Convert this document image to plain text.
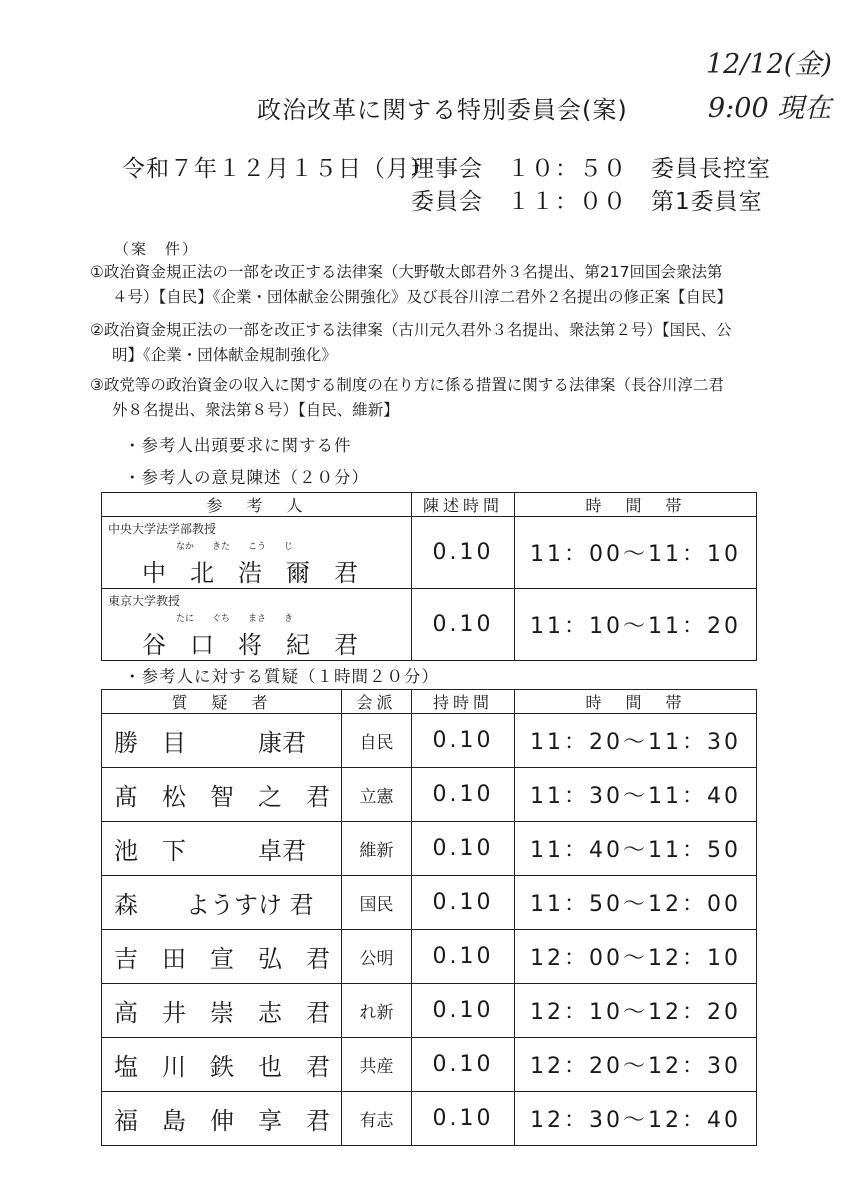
12/12(金)
9:00 現在
政治改革に関する特別委員会(案)
令和７年１２月１５日（月）
理事会　１０：５０　委員長控室
委員会　１１：００　第1委員室
（案　件）
①政治資金規正法の一部を改正する法律案（大野敬太郎君外３名提出、第217回国会衆法第
４号）【自民】《企業・団体献金公開強化》及び長谷川淳二君外２名提出の修正案【自民】
②政治資金規正法の一部を改正する法律案（古川元久君外３名提出、衆法第２号）【国民、公
明】《企業・団体献金規制強化》
③政党等の政治資金の収入に関する制度の在り方に係る措置に関する法律案（長谷川淳二君
外８名提出、衆法第８号）【自民、維新】
・参考人出頭要求に関する件
・参考人の意見陳述（２０分）
参　考　人	陳述時間	時　間　帯

中央大学法学部教授
なか　　きた　　こう　　じ
中　北　浩　爾　君	0.10	11：00～11：10

東京大学教授
たに　　ぐち　　まさ　　き
谷　口　将　紀　君	0.10	11：10～11：20
・参考人に対する質疑（１時間２０分）
質　疑　者	会派	持時間	時　間　帯
勝　目　　　康君	自民	0.10	11：20～11：30
髙　松　智　之　君	立憲	0.10	11：30～11：40
池　下　　　卓君	維新	0.10	11：40～11：50
森　　ようすけ 君	国民	0.10	11：50～12：00
吉　田　宣　弘　君	公明	0.10	12：00～12：10
高　井　崇　志　君	れ新	0.10	12：10～12：20
塩　川　鉄　也　君	共産	0.10	12：20～12：30
福　島　伸　享　君	有志	0.10	12：30～12：40
